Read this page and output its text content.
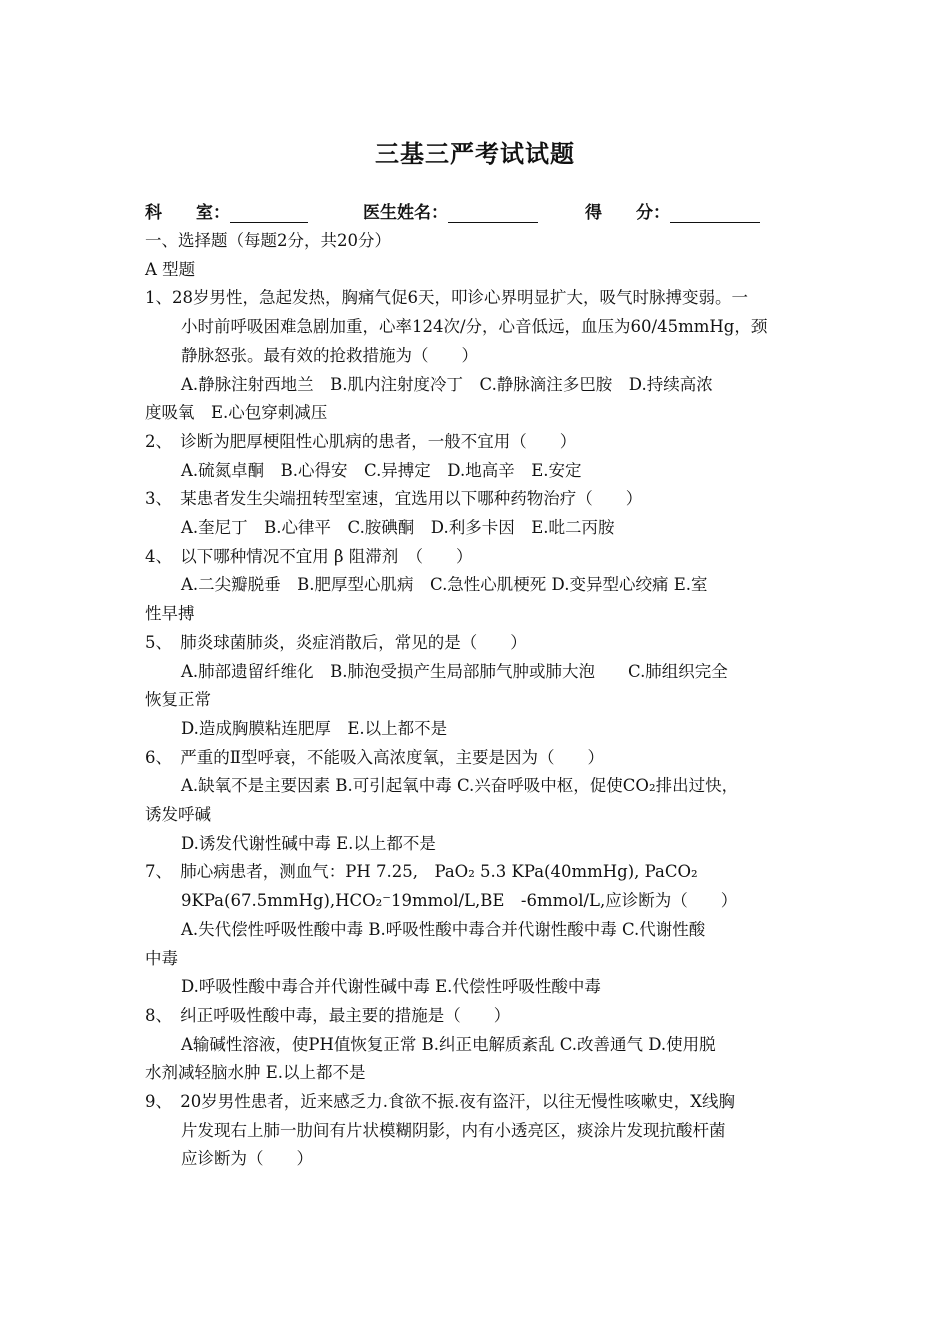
三基三严考试试题
科　　室：	医生姓名：	得　　分：
一、选择题（每题2分，共20分）
A 型题
1、28岁男性，急起发热，胸痛气促6天，叩诊心界明显扩大，吸气时脉搏变弱。一
小时前呼吸困难急剧加重，心率124次/分，心音低远，血压为60/45mmHg，颈
静脉怒张。最有效的抢救措施为（　　）
A.静脉注射西地兰　B.肌内注射度冷丁　C.静脉滴注多巴胺　D.持续高浓
度吸氧　E.心包穿刺减压
2、　诊断为肥厚梗阻性心肌病的患者，一般不宜用（　　）
A.硫氮卓酮　B.心得安　C.异搏定　D.地高辛　E.安定
3、　某患者发生尖端扭转型室速，宜选用以下哪种药物治疗（　　）
A.奎尼丁　B.心律平　C.胺碘酮　D.利多卡因　E.吡二丙胺
4、　以下哪种情况不宜用 β 阻滞剂　（　　）
A.二尖瓣脱垂　B.肥厚型心肌病　C.急性心肌梗死 D.变异型心绞痛 E.室
性早搏
5、　肺炎球菌肺炎，炎症消散后，常见的是（　　）
A.肺部遗留纤维化　B.肺泡受损产生局部肺气肿或肺大泡　　C.肺组织完全
恢复正常
D.造成胸膜粘连肥厚　E.以上都不是
6、　严重的Ⅱ型呼衰，不能吸入高浓度氧，主要是因为（　　）
A.缺氧不是主要因素 B.可引起氧中毒 C.兴奋呼吸中枢，促使CO₂排出过快，
诱发呼碱
D.诱发代谢性碱中毒 E.以上都不是
7、　肺心病患者，测血气：PH 7.25,　PaO₂ 5.3 KPa(40mmHg), PaCO₂
9KPa(67.5mmHg),HCO₂⁻19mmol/L,BE　-6mmol/L,应诊断为（　　）
A.失代偿性呼吸性酸中毒 B.呼吸性酸中毒合并代谢性酸中毒 C.代谢性酸
中毒
D.呼吸性酸中毒合并代谢性碱中毒 E.代偿性呼吸性酸中毒
8、　纠正呼吸性酸中毒，最主要的措施是（　　）
A输碱性溶液，使PH值恢复正常 B.纠正电解质紊乱 C.改善通气 D.使用脱
水剂减轻脑水肿 E.以上都不是
9、　20岁男性患者，近来感乏力.食欲不振.夜有盗汗，以往无慢性咳嗽史，X线胸
片发现右上肺一肋间有片状模糊阴影，内有小透亮区，痰涂片发现抗酸杆菌
应诊断为（　　）
